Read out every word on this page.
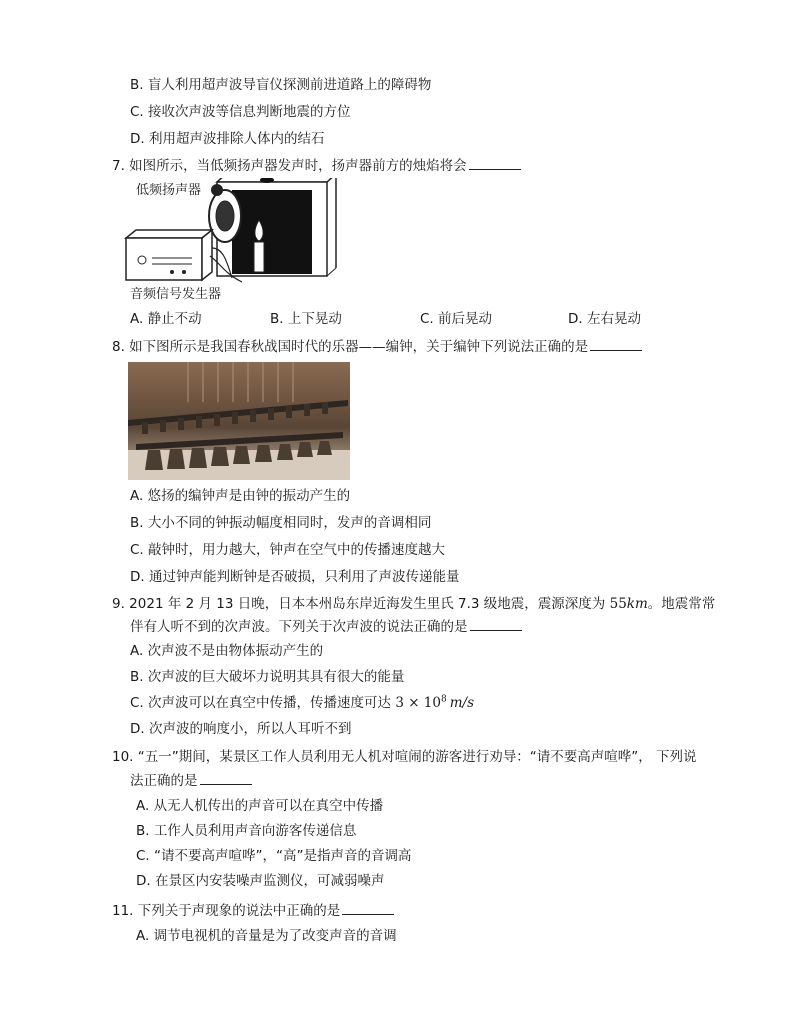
B. 盲人利用超声波导盲仪探测前进道路上的障碍物
C. 接收次声波等信息判断地震的方位
D. 利用超声波排除人体内的结石
7. 如图所示，当低频扬声器发声时，扬声器前方的烛焰将会
低频扬声器
音频信号发生器
A. 静止不动	B. 上下晃动	C. 前后晃动	D. 左右晃动
8. 如下图所示是我国春秋战国时代的乐器——编钟，关于编钟下列说法正确的是
A. 悠扬的编钟声是由钟的振动产生的
B. 大小不同的钟振动幅度相同时，发声的音调相同
C. 敲钟时，用力越大，钟声在空气中的传播速度越大
D. 通过钟声能判断钟是否破损，只利用了声波传递能量
9. 2021 年 2 月 13 日晚，日本本州岛东岸近海发生里氏 7.3 级地震，震源深度为 55km。地震常常
伴有人听不到的次声波。下列关于次声波的说法正确的是
A. 次声波不是由物体振动产生的
B. 次声波的巨大破坏力说明其具有很大的能量
C. 次声波可以在真空中传播，传播速度可达 $3 \times 10^8$ m/s
D. 次声波的响度小，所以人耳听不到
10. “五一”期间，某景区工作人员利用无人机对喧闹的游客进行劝导：“请不要高声喧哗”， 下列说
法正确的是
A. 从无人机传出的声音可以在真空中传播
B. 工作人员利用声音向游客传递信息
C. “请不要高声喧哗”，“高”是指声音的音调高
D. 在景区内安装噪声监测仪，可减弱噪声
11. 下列关于声现象的说法中正确的是
A. 调节电视机的音量是为了改变声音的音调
